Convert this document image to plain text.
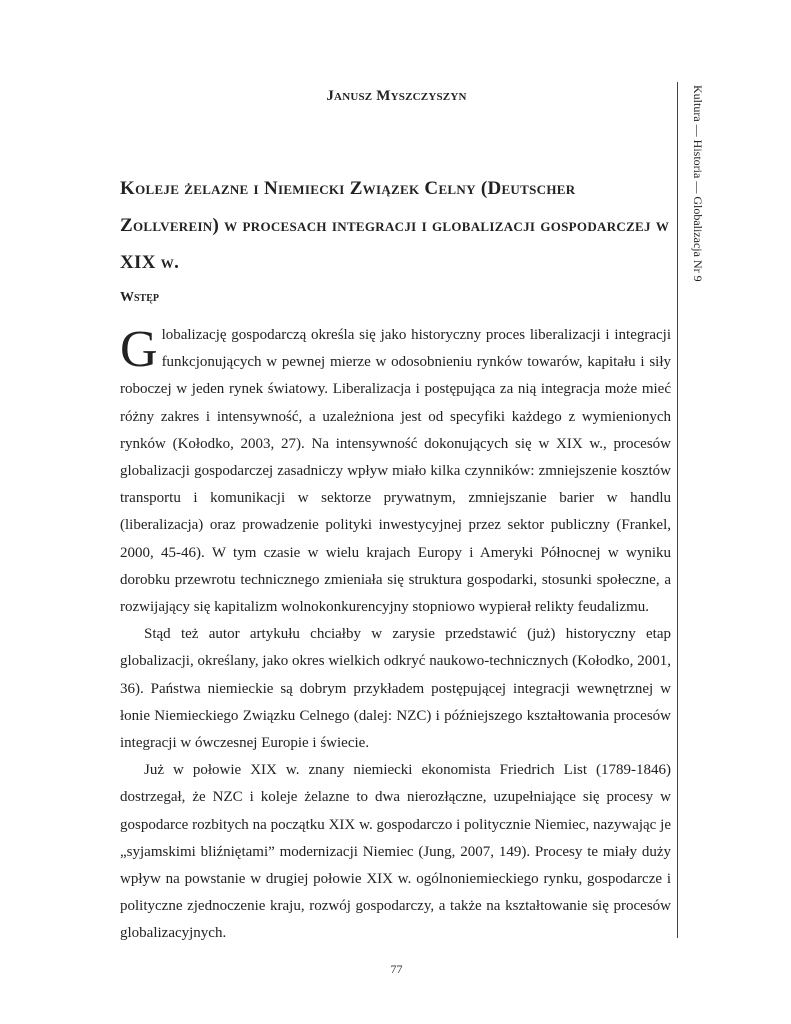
Janusz Myszczyszyn
Koleje żelazne i Niemiecki Związek Celny (Deutscher Zollverein) w procesach integracji i globalizacji gospodarczej w XIX w.
Wstęp

Globalizację gospodarczą określa się jako historyczny proces liberalizacji i integracji funkcjonujących w pewnej mierze w odosobnieniu rynków towarów, kapitału i siły roboczej w jeden rynek światowy. Liberalizacja i postępująca za nią integracja może mieć różny zakres i intensywność, a uzależniona jest od specyfiki każdego z wymienionych rynków (Kołodko, 2003, 27). Na intensywność dokonujących się w XIX w., procesów globalizacji gospodarczej zasadniczy wpływ miało kilka czynników: zmniejszenie kosztów transportu i komunikacji w sektorze prywatnym, zmniejszanie barier w handlu (liberalizacja) oraz prowadzenie polityki inwestycyjnej przez sektor publiczny (Frankel, 2000, 45-46). W tym czasie w wielu krajach Europy i Ameryki Północnej w wyniku dorobku przewrotu technicznego zmieniała się struktura gospodarki, stosunki społeczne, a rozwijający się kapitalizm wolnokonkurencyjny stopniowo wypierał relikty feudalizmu.

Stąd też autor artykułu chciałby w zarysie przedstawić (już) historyczny etap globalizacji, określany, jako okres wielkich odkryć naukowo-technicznych (Kołodko, 2001, 36). Państwa niemieckie są dobrym przykładem postępującej integracji wewnętrznej w łonie Niemieckiego Związku Celnego (dalej: NZC) i późniejszego kształtowania procesów integracji w ówczesnej Europie i świecie.

Już w połowie XIX w. znany niemiecki ekonomista Friedrich List (1789-1846) dostrzegał, że NZC i koleje żelazne to dwa nierozłączne, uzupełniające się procesy w gospodarce rozbitych na początku XIX w. gospodarczo i politycznie Niemiec, nazywając je „syjamskimi bliźniętami” modernizacji Niemiec (Jung, 2007, 149). Procesy te miały duży wpływ na powstanie w drugiej połowie XIX w. ogólnoniemieckiego rynku, gospodarcze i polityczne zjednoczenie kraju, rozwój gospodarczy, a także na kształtowanie się procesów globalizacyjnych.

Kultura — Historia — Globalizacja Nr 9
77
